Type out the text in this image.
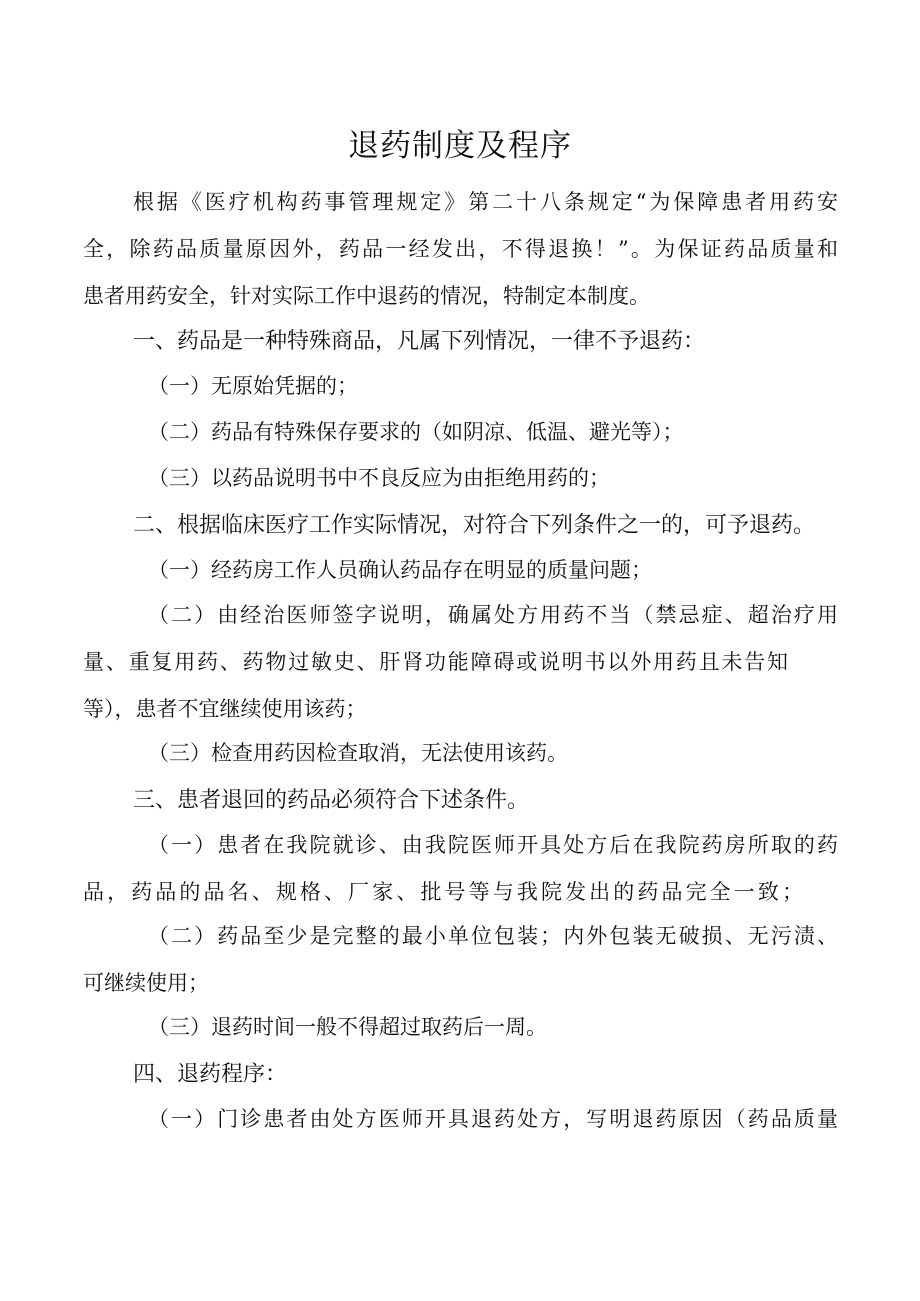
退药制度及程序
根据《医疗机构药事管理规定》第二十八条规定“为保障患者用药安
全，除药品质量原因外，药品一经发出，不得退换！”。为保证药品质量和
患者用药安全，针对实际工作中退药的情况，特制定本制度。
一、药品是一种特殊商品，凡属下列情况，一律不予退药：
（一）无原始凭据的；
（二）药品有特殊保存要求的（如阴凉、低温、避光等）；
（三）以药品说明书中不良反应为由拒绝用药的；
二、根据临床医疗工作实际情况，对符合下列条件之一的，可予退药。
（一）经药房工作人员确认药品存在明显的质量问题；
（二）由经治医师签字说明，确属处方用药不当（禁忌症、超治疗用
量、重复用药、药物过敏史、肝肾功能障碍或说明书以外用药且未告知
等），患者不宜继续使用该药；
（三）检查用药因检查取消，无法使用该药。
三、患者退回的药品必须符合下述条件。
（一）患者在我院就诊、由我院医师开具处方后在我院药房所取的药
品，药品的品名、规格、厂家、批号等与我院发出的药品完全一致；
（二）药品至少是完整的最小单位包装；内外包装无破损、无污渍、
可继续使用；
（三）退药时间一般不得超过取药后一周。
四、退药程序：
（一）门诊患者由处方医师开具退药处方，写明退药原因（药品质量
